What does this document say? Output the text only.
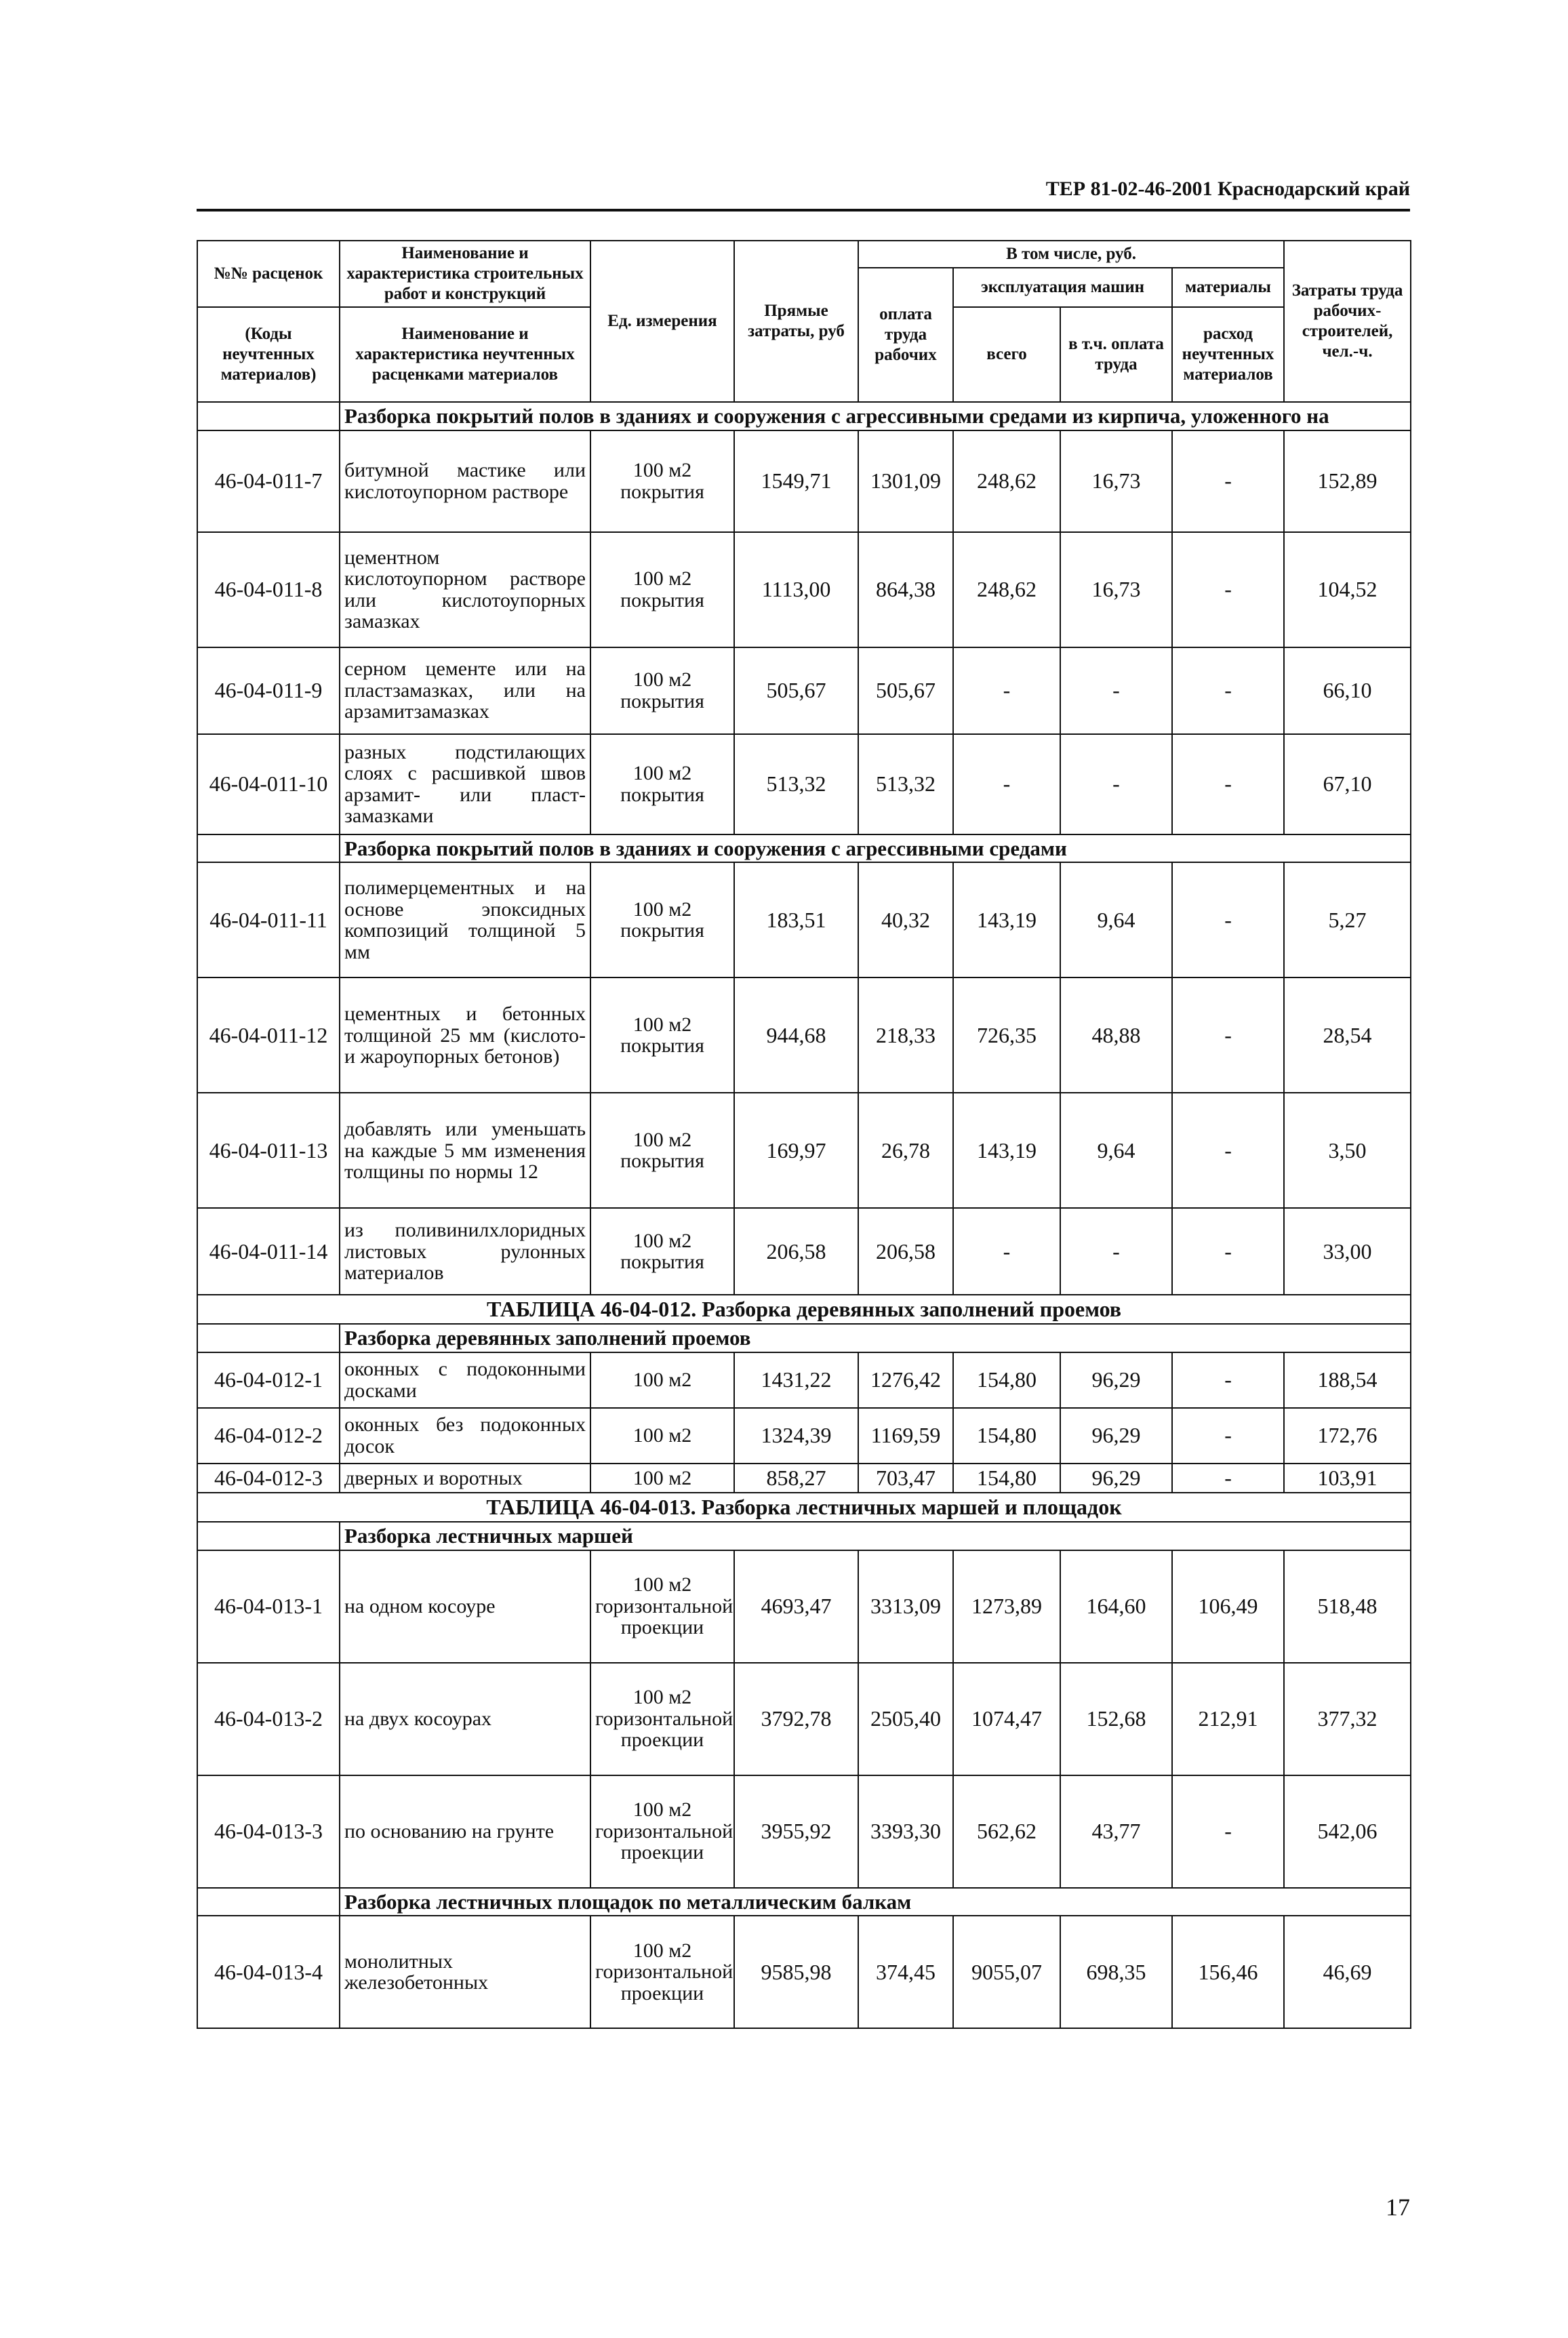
ТЕР 81-02-46-2001 Краснодарский край
№№ расценок	Наименование и характеристика строительных работ и конструкций	Ед. измерения	Прямые затраты, руб	В том числе, руб.				Затраты труда рабочих-строителей, чел.-ч.
				оплата труда рабочих	эксплуатация машин		материалы	
(Коды неучтенных материалов)	Наименование и характеристика неучтенных расценками материалов				всего	в т.ч. оплата труда	расход неучтенных материалов	

	Разборка покрытий полов в зданиях и сооружения с агрессивными средами из кирпича, уложенного на							
46-04-011-7	битумной мастике или кислотоупорном растворе	100 м2 покрытия	1549,71	1301,09	248,62	16,73	-	152,89
46-04-011-8	цементном кислотоупорном растворе или кислотоупорных замазках	100 м2 покрытия	1113,00	864,38	248,62	16,73	-	104,52
46-04-011-9	серном цементе или на пластзамазках, или на арзамитзамазках	100 м2 покрытия	505,67	505,67	-	-	-	66,10
46-04-011-10	разных подстилающих слоях с расшивкой швов арзамит- или пласт-замазками	100 м2 покрытия	513,32	513,32	-	-	-	67,10
	Разборка покрытий полов в зданиях и сооружения с агрессивными средами							
46-04-011-11	полимерцементных и на основе эпоксидных композиций толщиной 5 мм	100 м2 покрытия	183,51	40,32	143,19	9,64	-	5,27
46-04-011-12	цементных и бетонных толщиной 25 мм (кислото- и жароупорных бетонов)	100 м2 покрытия	944,68	218,33	726,35	48,88	-	28,54
46-04-011-13	добавлять или уменьшать на каждые 5 мм изменения толщины по нормы 12	100 м2 покрытия	169,97	26,78	143,19	9,64	-	3,50
46-04-011-14	из поливинилхлоридных листовых рулонных материалов	100 м2 покрытия	206,58	206,58	-	-	-	33,00
ТАБЛИЦА 46-04-012. Разборка деревянных заполнений проемов								
	Разборка деревянных заполнений проемов							
46-04-012-1	оконных с подоконными досками	100 м2	1431,22	1276,42	154,80	96,29	-	188,54
46-04-012-2	оконных без подоконных досок	100 м2	1324,39	1169,59	154,80	96,29	-	172,76
46-04-012-3	дверных и воротных	100 м2	858,27	703,47	154,80	96,29	-	103,91
ТАБЛИЦА 46-04-013. Разборка лестничных маршей и площадок								
	Разборка лестничных маршей							
46-04-013-1	на одном косоуре	100 м2 горизонтальной проекции	4693,47	3313,09	1273,89	164,60	106,49	518,48
46-04-013-2	на двух косоурах	100 м2 горизонтальной проекции	3792,78	2505,40	1074,47	152,68	212,91	377,32
46-04-013-3	по основанию на грунте	100 м2 горизонтальной проекции	3955,92	3393,30	562,62	43,77	-	542,06
	Разборка лестничных площадок по металлическим балкам							
46-04-013-4	монолитных железобетонных	100 м2 горизонтальной проекции	9585,98	374,45	9055,07	698,35	156,46	46,69
17
